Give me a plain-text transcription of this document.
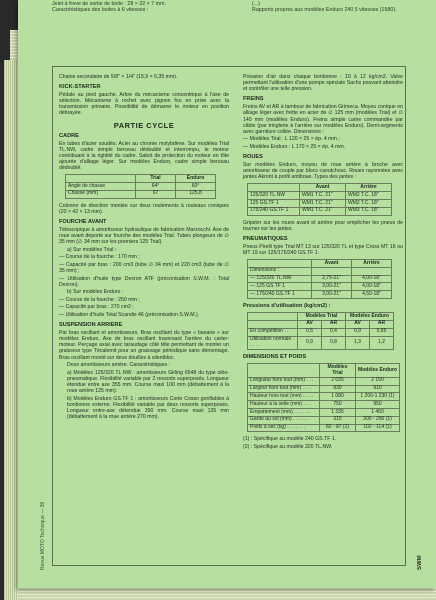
Jeiet à freve de sortie de boite : 28 × 32 × 7 mm.
Caractéristiques des boites à 6 vitesses :
(...)
Rapports propres aux modèles Enduro 240 5 vitesses (1980).

Chaine secondaire de 5/8" × 1/4" (15,9 × 6,35 mm).

KICK-STARTER

Pédale au pied gauche. Arbre du mécanisme concentrique à l'axe de sélection. Mécanisme à rochet avec pignon fou en prise avec la transmission primaire. Possibilité de démarrer le moteur en position débrayée.

PARTIE CYCLE
CADRE

En tubes d'acier soudés. Acier au chrome molybdène. Sur modèles Trial TL.NW, cadre simple berceau dédoublé et interrompu, le moteur contribuant à la rigidité du cadre. Sabot de protection du moteur en tôle ajourée d'alliage léger. Sur modèles Enduro, cadre simple berceau dédoublé.

	Trial	Enduro
Angle de chasse	64°	60°
Chasse (mm)	67	125,8

Colonne de direction montée sur deux roulements à rouleaux coniques (20 × 42 × 13 mm).

FOURCHE AVANT

Télescopique à amortisseur hydraulique de fabrication Marzocchi. Axe de roue avant déporté sur fourche des modèles Trial. Tubes plongeurs de ∅ 35 mm (∅ 34 mm sur les premiers 125 Trial).

a) Sur modèles Trial :

— Course de la fourche : 170 mm ;

— Capacité par bras : 200 cm3 (tube ∅ 34 mm) et 220 cm3 (tube de ∅ 35 mm) ;

— Utilisation d'huile type Dexron ATF (préconisation S.W.M. : Total Dexron).

b) Sur modèles Enduro :

— Course de la fourche : 250 mm ;

— Capacité par bras : 270 cm3 ;

— Utilisation d'huile Total Scandis 46 (préconisation S.W.M.).

SUSPENSION ARRIERE

Par bras oscillant et amortisseurs. Bras oscillant du type « banane » sur modèles Enduro. Axe de bras oscillant traversant l'arrière du carter-moteur. Perçage axial avec taraudage côté tête permettant de monter un graisseur type Técalemit pour un graissage périodique sans démontage. Bras oscillant monté sur deux douilles à silentbloc.

Deux amortisseurs arrière. Caractéristiques :

a) Modèles 125/320 TL.NW : amortisseurs Girling 6548 du type oléo-pneumatique. Flexibilité variable par 2 ressorts superposés. Longueur étendue entre axe 355 mm. Course maxi 100 mm (débattement à la roue arrière 125 mm).

b) Modèles Enduro GS.TF 1 : amortisseurs Corte Cosso gonflables à bonbonne externe. Flexibilité variable par deux ressorts superposés. Longueur entre-axe détendue 390 mm. Course maxi 135 mm (débattement à la roue arrière 270 mm).

Pression d'air dans chaque bonbonne : 10 à 12 kg/cm2. Valve permettant l'utilisation d'une pompe spéciale Sachs pouvant atteindre et contrôler une telle pression.

FREINS

Freins AV et AR à tambour de fabrication Grimeca. Moyeu conique en alliage léger avec frette en acier de ∅ 125 mm (modèles Trial) et ∅ 140 mm (modèles Enduro). Freins simple came commandée par câble (par tringlerie à l'arrière sur modèles Enduro). Demi-segments avec garniture collée. Dimensions :

— Modèles Trial : L 120 × 25 × ép. 4 mm ;

— Modèles Enduro : L 170 × 25 × ép. 4 mm.

ROUES

Sur modèles Enduro, moyeu de roue arrière à broche avec amortisseur de couple par blocs caoutchouc. Roues rayonnées avec jantes Akront à profil antiboue. Types des jantes :

	Avant	Arrière
125/320 TL.NW	WM1 T.C. 21"	WM2 T.C. 18"
125 GS.TF 1	WM1 T.C. 21"	WM2 T.C. 18"
175/240 GS.TF 1	WM1 T.C. 21"	WM3 T.C. 18"

Gripster sur les roues avant et arrière pour empêcher les pneus de tourner sur les jantes.

PNEUMATIQUES

Pneus Pirelli type Trial MT 13 sur 125/320 TL et type Cross MT 16 ou MT 19 sur 125/175/240 GS.TF 1.

	Avant	Arrière
Dimensions :		
— 125/320 TL.NW	2,75-21"	4,00-18"
— 125 GS.TF 1	3,00-21"	4,00-18"
— 175/240 GS.TF 1	3,00-21"	4,50-18"
Pressions d'utilisation (kg/cm2) :
	Modèles Trial		Modèles Enduro	
	AV	AR	AV	AR
En compétition . .	0,5	0,4	0,9	0,85
Utilisation normale . . . . .	0,9	0,8	1,3	1,2
DIMENSIONS ET POIDS
	Modèles Trial	Modèles Enduro
Longueur hors tout (mm) . . .	2 035	2 150
Largeur hors tout (mm) . . . .	830	910
Hauteur hors tout (mm) . . . .	1 080	1 200-1 230 (1)
Hauteur à la selle (mm) . . .	750	950
Empattement (mm) . . . . . .	1 335	1 450
Garde au sol (mm) . . . . . .	315	300 - 290 (1)
Poids à sec (kg) . . . . . . .	82 - 87 (2)	102 - 114 (1)

(1) : Spécifique au modèle 240 GS.TF 1.

(2) : Spécifique au modèle 320 TL.NW.

Revue MOTO Technique — 39	SWM
